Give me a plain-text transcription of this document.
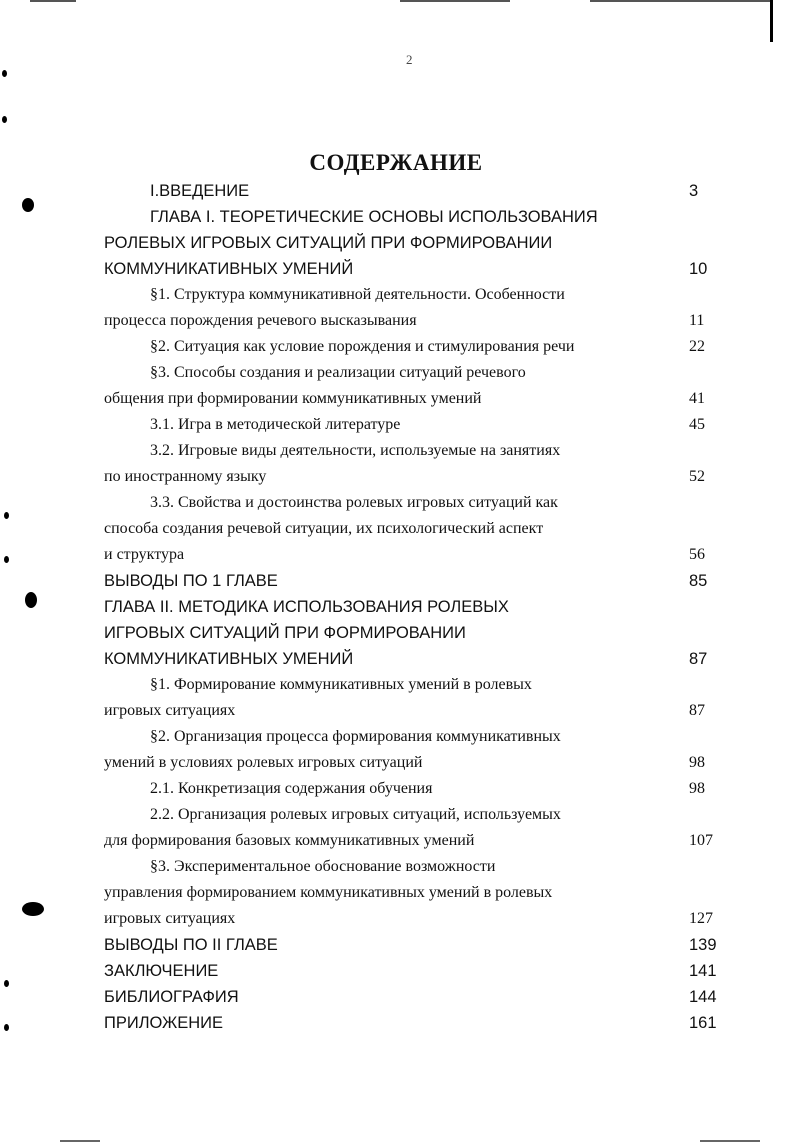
2
СОДЕРЖАНИЕ
I.ВВЕДЕНИЕ	3
ГЛАВА I. ТЕОРЕТИЧЕСКИЕ ОСНОВЫ ИСПОЛЬЗОВАНИЯ
РОЛЕВЫХ ИГРОВЫХ СИТУАЦИЙ ПРИ ФОРМИРОВАНИИ
КОММУНИКАТИВНЫХ УМЕНИЙ	10
§1. Структура коммуникативной деятельности. Особенности
процесса порождения речевого высказывания	11
§2. Ситуация как условие порождения и стимулирования речи	22
§3. Способы создания и реализации ситуаций речевого
общения при формировании коммуникативных умений	41
3.1. Игра в методической литературе	45
3.2. Игровые виды деятельности, используемые на занятиях
по иностранному языку	52
3.3. Свойства и достоинства ролевых игровых ситуаций как
способа создания речевой ситуации, их психологический аспект
и структура	56
ВЫВОДЫ ПО 1 ГЛАВЕ	85
ГЛАВА II. МЕТОДИКА ИСПОЛЬЗОВАНИЯ РОЛЕВЫХ
ИГРОВЫХ СИТУАЦИЙ ПРИ ФОРМИРОВАНИИ
КОММУНИКАТИВНЫХ УМЕНИЙ	87
§1. Формирование коммуникативных умений в ролевых
игровых ситуациях	87
§2. Организация процесса формирования коммуникативных
умений в условиях ролевых игровых ситуаций	98
2.1. Конкретизация содержания обучения	98
2.2. Организация ролевых игровых ситуаций, используемых
для формирования базовых коммуникативных умений	107
§3. Экспериментальное обоснование возможности
управления формированием коммуникативных умений в ролевых
игровых ситуациях	127
ВЫВОДЫ ПО II ГЛАВЕ	139
ЗАКЛЮЧЕНИЕ	141
БИБЛИОГРАФИЯ	144
ПРИЛОЖЕНИЕ	161
